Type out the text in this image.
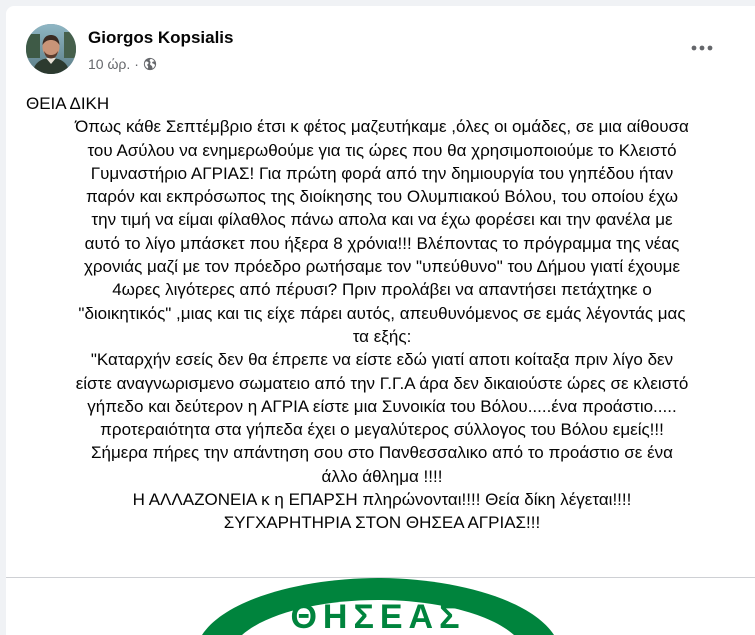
Giorgos Kopsialis
10 ώρ. ·
ΘΕΙΑ ΔΙΚΗ
Όπως κάθε Σεπτέμβριο έτσι κ φέτος μαζευτήκαμε ,όλες οι ομάδες, σε μια αίθουσα
του Ασύλου να ενημερωθούμε για τις ώρες που θα χρησιμοποιούμε το Κλειστό
Γυμναστήριο ΑΓΡΙΑΣ! Για πρώτη φορά από την δημιουργία του γηπέδου ήταν
παρόν και εκπρόσωπος της διοίκησης του Ολυμπιακού Βόλου, του οποίου έχω
την τιμή να είμαι φίλαθλος πάνω απολα και να έχω φορέσει και την φανέλα με
αυτό το λίγο μπάσκετ που ήξερα 8 χρόνια!!! Βλέποντας το πρόγραμμα της νέας
χρονιάς μαζί με τον πρόεδρο ρωτήσαμε τον "υπεύθυνο" του Δήμου γιατί έχουμε
4ωρες λιγότερες από πέρυσι? Πριν προλάβει να απαντήσει πετάχτηκε ο
"διοικητικός" ,μιας και τις είχε πάρει αυτός, απευθυνόμενος σε εμάς λέγοντάς μας
τα εξής:
"Καταρχήν εσείς δεν θα έπρεπε να είστε εδώ γιατί αποτι κοίταξα πριν λίγο δεν
είστε αναγνωρισμενο σωματειο από την Γ.Γ.Α άρα δεν δικαιούστε ώρες σε κλειστό
γήπεδο και δεύτερον η ΑΓΡΙΑ είστε μια Συνοικία του Βόλου.....ένα προάστιο.....
προτεραιότητα στα γήπεδα έχει ο μεγαλύτερος σύλλογος του Βόλου εμείς!!!
Σήμερα πήρες την απάντηση σου στο Πανθεσσαλικο από το προάστιο σε ένα
άλλο άθλημα !!!!
Η ΑΛΛΑΖΟΝΕΙΑ κ η ΕΠΑΡΣΗ πληρώνονται!!!! Θεία δίκη λέγεται!!!!
ΣΥΓΧΑΡΗΤΗΡΙΑ ΣΤΟΝ ΘΗΣΕΑ ΑΓΡΙΑΣ!!!
ΘΗΣΕΑΣ
